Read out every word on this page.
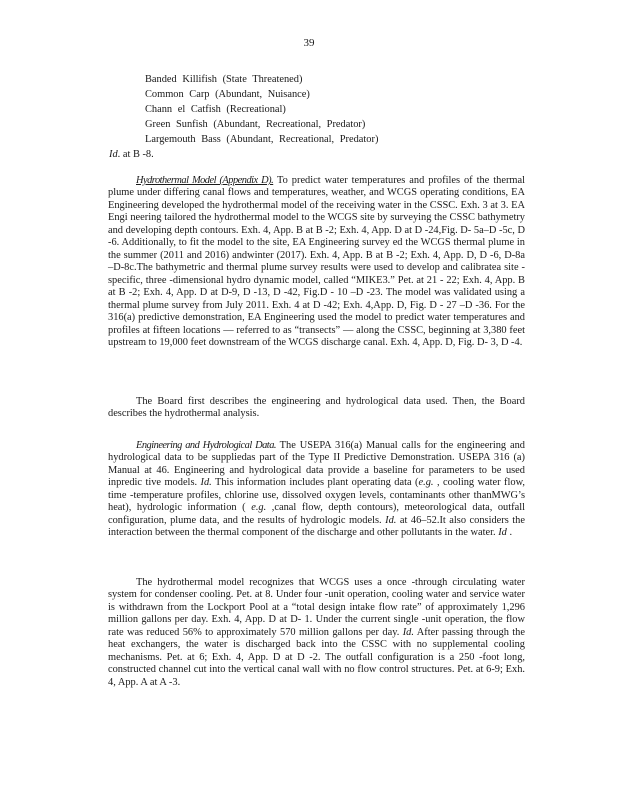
39
Banded Killifish (State Threatened)
Common Carp (Abundant, Nuisance)
Chann el Catfish (Recreational)
Green Sunfish (Abundant, Recreational, Predator)
Largemouth Bass (Abundant, Recreational, Predator)
Id. at B -8.

Hydrothermal Model (Appendix D). To predict water temperatures and profiles of the thermal plume under differing canal flows and temperatures, weather, and WCGS operating conditions, EA Engineering developed the hydrothermal model of the receiving water in the CSSC. Exh. 3 at 3. EA Engi neering tailored the hydrothermal model to the WCGS site by surveying the CSSC bathymetry and developing depth contours. Exh. 4, App. B at B -2; Exh. 4, App. D at D -24,Fig. D- 5a–D -5c, D -6. Additionally, to fit the model to the site, EA Engineering survey ed the WCGS thermal plume in the summer (2011 and 2016) andwinter (2017). Exh. 4, App. B at B -2; Exh. 4, App. D, D -6, D-8a –D-8c.The bathymetric and thermal plume survey results were used to develop and calibratea site -specific, three -dimensional hydro dynamic model, called “MIKE3.” Pet. at 21 - 22; Exh. 4, App. B at B -2; Exh. 4, App. D at D-9, D -13, D -42, Fig.D - 10 –D -23. The model was validated using a thermal plume survey from July 2011. Exh. 4 at D -42; Exh. 4,App. D, Fig. D - 27 –D -36. For the 316(a) predictive demonstration, EA Engineering used the model to predict water temperatures and profiles at fifteen locations — referred to as “transects” — along the CSSC, beginning at 3,380 feet upstream to 19,000 feet downstream of the WCGS discharge canal. Exh. 4, App. D, Fig. D- 3, D -4.

The Board first describes the engineering and hydrological data used. Then, the Board describes the hydrothermal analysis.

Engineering and Hydrological Data. The USEPA 316(a) Manual calls for the engineering and hydrological data to be suppliedas part of the Type II Predictive Demonstration. USEPA 316 (a) Manual at 46. Engineering and hydrological data provide a baseline for parameters to be used inpredic tive models. Id. This information includes plant operating data (e.g. , cooling water flow, time -temperature profiles, chlorine use, dissolved oxygen levels, contaminants other thanMWG’s heat), hydrologic information ( e.g. ,canal flow, depth contours), meteorological data, outfall configuration, plume data, and the results of hydrologic models. Id. at 46–52.It also considers the interaction between the thermal component of the discharge and other pollutants in the water. Id .

The hydrothermal model recognizes that WCGS uses a once -through circulating water system for condenser cooling. Pet. at 8. Under four -unit operation, cooling water and service water is withdrawn from the Lockport Pool at a “total design intake flow rate” of approximately 1,296 million gallons per day. Exh. 4, App. D at D- 1. Under the current single -unit operation, the flow rate was reduced 56% to approximately 570 million gallons per day. Id. After passing through the heat exchangers, the water is discharged back into the CSSC with no supplemental cooling mechanisms. Pet. at 6; Exh. 4, App. D at D -2. The outfall configuration is a 250 -foot long, constructed channel cut into the vertical canal wall with no flow control structures. Pet. at 6-9; Exh. 4, App. A at A -3.
